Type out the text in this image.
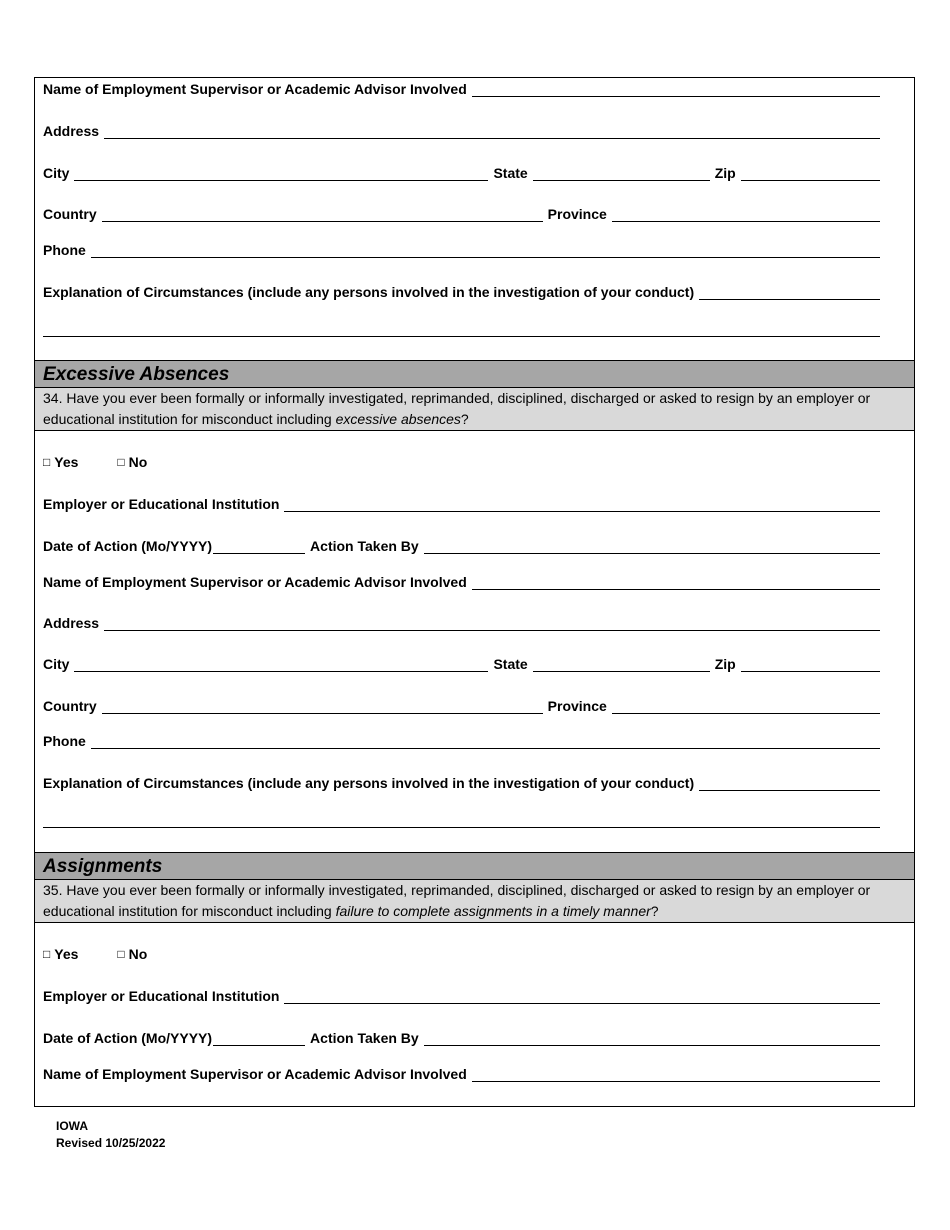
Name of Employment Supervisor or Academic Advisor Involved
Address
City	State	Zip
Country	Province
Phone
Explanation of Circumstances (include any persons involved in the investigation of your conduct)
Excessive Absences
34. Have you ever been formally or informally investigated, reprimanded, disciplined, discharged or asked to resign by an employer or educational institution for misconduct including excessive absences?
□ Yes	□ No
Employer or Educational Institution
Date of Action (Mo/YYYY)	Action Taken By
Name of Employment Supervisor or Academic Advisor Involved
Address
City	State	Zip
Country	Province
Phone
Explanation of Circumstances (include any persons involved in the investigation of your conduct)
Assignments
35. Have you ever been formally or informally investigated, reprimanded, disciplined, discharged or asked to resign by an employer or educational institution for misconduct including failure to complete assignments in a timely manner?
□ Yes	□ No
Employer or Educational Institution
Date of Action (Mo/YYYY)	Action Taken By
Name of Employment Supervisor or Academic Advisor Involved
IOWA
Revised 10/25/2022
